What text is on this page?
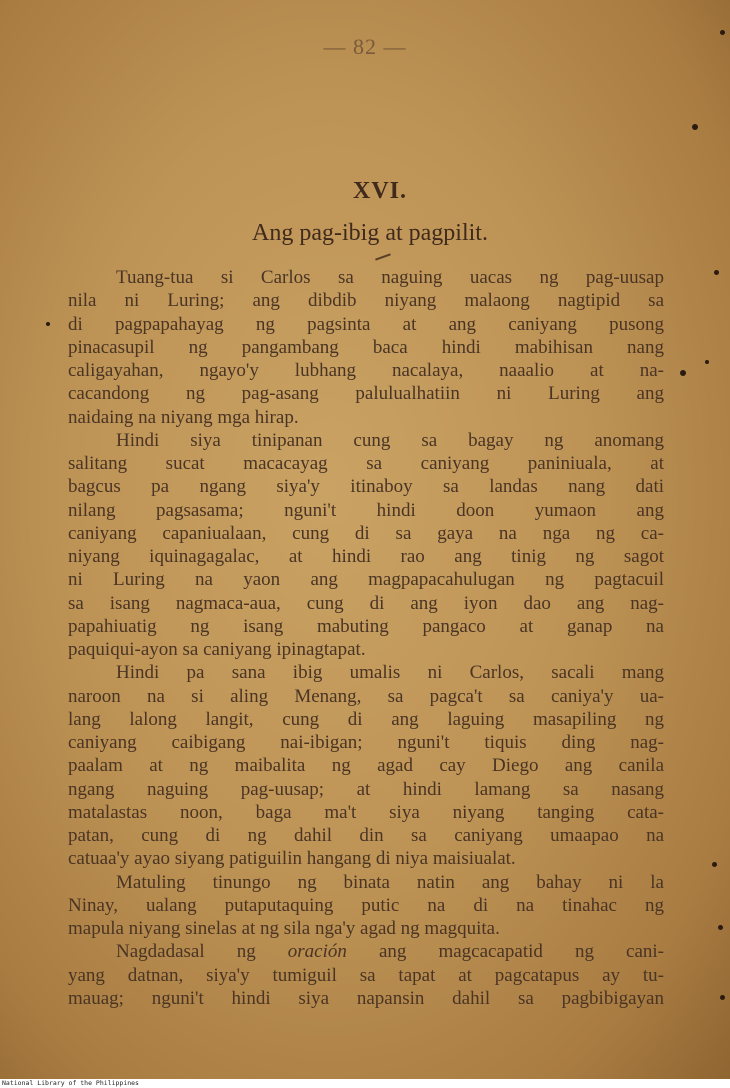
— 82 —
XVI.
Ang pag-ibig at pagpilit.
Tuang-tua si Carlos sa naguing uacas ng pag-uusap
nila ni Luring; ang dibdib niyang malaong nagtipid sa
di pagpapahayag ng pagsinta at ang caniyang pusong
pinacasupil ng pangambang baca hindi mabihisan nang
caligayahan, ngayo'y lubhang nacalaya, naaalio at na-
cacandong ng pag-asang palulualhatiin ni Luring ang
naidaing na niyang mga hirap.
Hindi siya tinipanan cung sa bagay ng anomang
salitang sucat macacayag sa caniyang paniniuala, at
bagcus pa ngang siya'y itinaboy sa landas nang dati
nilang pagsasama; nguni't hindi doon yumaon ang
caniyang capaniualaan, cung di sa gaya na nga ng ca-
niyang iquinagagalac, at hindi rao ang tinig ng sagot
ni Luring na yaon ang magpapacahulugan ng pagtacuil
sa isang nagmaca-aua, cung di ang iyon dao ang nag-
papahiuatig ng isang mabuting pangaco at ganap na
paquiqui-ayon sa caniyang ipinagtapat.
Hindi pa sana ibig umalis ni Carlos, sacali mang
naroon na si aling Menang, sa pagca't sa caniya'y ua-
lang lalong langit, cung di ang laguing masapiling ng
caniyang caibigang nai-ibigan; nguni't tiquis ding nag-
paalam at ng maibalita ng agad cay Diego ang canila
ngang naguing pag-uusap; at hindi lamang sa nasang
matalastas noon, baga ma't siya niyang tanging cata-
patan, cung di ng dahil din sa caniyang umaapao na
catuaa'y ayao siyang patiguilin hangang di niya maisiualat.
Matuling tinungo ng binata natin ang bahay ni la
Ninay, ualang putaputaquing putic na di na tinahac ng
mapula niyang sinelas at ng sila nga'y agad ng magquita.
Nagdadasal ng oración ang magcacapatid ng cani-
yang datnan, siya'y tumiguil sa tapat at pagcatapus ay tu-
mauag; nguni't hindi siya napansin dahil sa pagbibigayan
National Library of the Philippines
